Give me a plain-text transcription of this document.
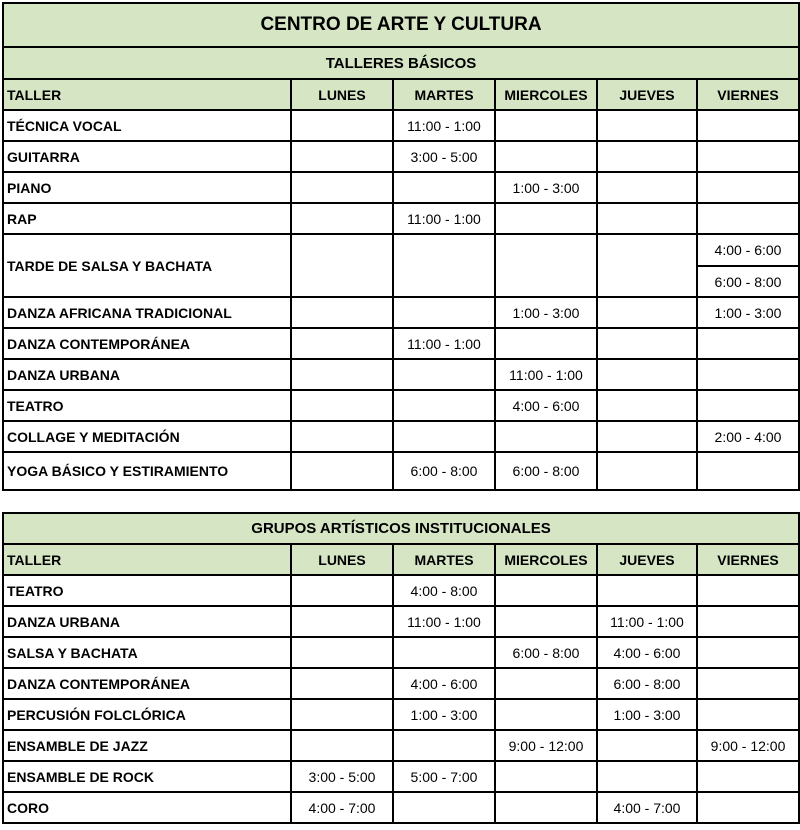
CENTRO DE ARTE Y CULTURA					
TALLERES BÁSICOS					
TALLER	LUNES	MARTES	MIERCOLES	JUEVES	VIERNES
TÉCNICA VOCAL		11:00 - 1:00			
GUITARRA		3:00 - 5:00			
PIANO			1:00 - 3:00		
RAP		11:00 - 1:00			
TARDE DE SALSA Y BACHATA					4:00 - 6:00
					6:00 - 8:00
DANZA AFRICANA TRADICIONAL			1:00 - 3:00		1:00 - 3:00
DANZA CONTEMPORÁNEA		11:00 - 1:00			
DANZA URBANA			11:00 - 1:00		
TEATRO			4:00 - 6:00		
COLLAGE Y MEDITACIÓN					2:00 - 4:00
YOGA BÁSICO Y ESTIRAMIENTO		6:00 - 8:00	6:00 - 8:00		
GRUPOS ARTÍSTICOS INSTITUCIONALES					
TALLER	LUNES	MARTES	MIERCOLES	JUEVES	VIERNES
TEATRO		4:00 - 8:00			
DANZA URBANA		11:00 - 1:00		11:00 - 1:00	
SALSA Y BACHATA			6:00 - 8:00	4:00 - 6:00	
DANZA CONTEMPORÁNEA		4:00 - 6:00		6:00 - 8:00	
PERCUSIÓN FOLCLÓRICA		1:00 - 3:00		1:00 - 3:00	
ENSAMBLE DE JAZZ			9:00 - 12:00		9:00 - 12:00
ENSAMBLE DE ROCK	3:00 - 5:00	5:00 - 7:00			
CORO	4:00 - 7:00			4:00 - 7:00	
